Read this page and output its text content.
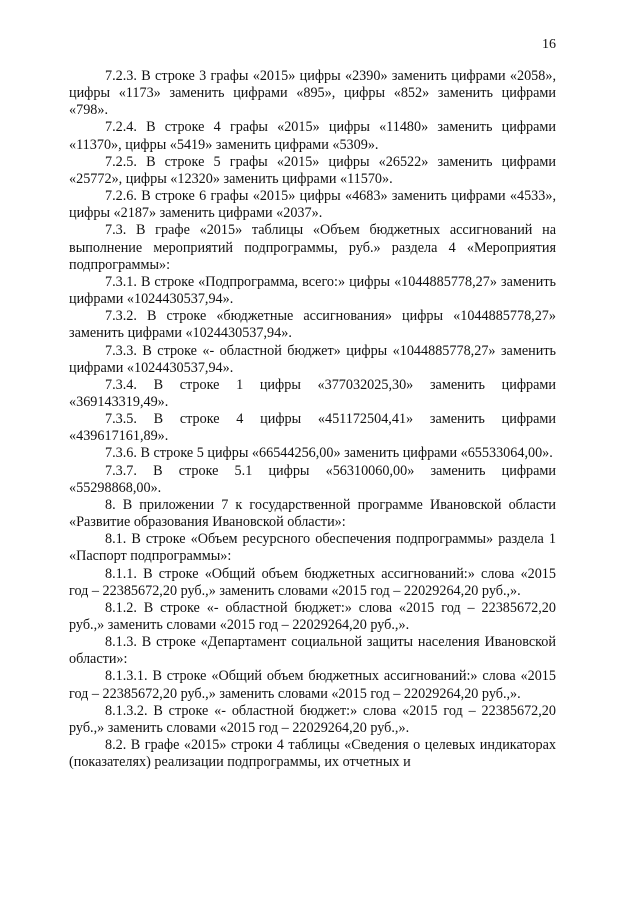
16

7.2.3. В строке 3 графы «2015» цифры «2390» заменить цифрами «2058», цифры «1173» заменить цифрами «895», цифры «852» заменить цифрами «798».

7.2.4. В строке 4 графы «2015» цифры «11480» заменить цифрами «11370», цифры «5419» заменить цифрами «5309».

7.2.5. В строке 5 графы «2015» цифры «26522» заменить цифрами «25772», цифры «12320» заменить цифрами «11570».

7.2.6. В строке 6 графы «2015» цифры «4683» заменить цифрами «4533», цифры «2187» заменить цифрами «2037».

7.3. В графе «2015» таблицы «Объем бюджетных ассигнований на выполнение мероприятий подпрограммы, руб.» раздела 4 «Мероприятия подпрограммы»:

7.3.1. В строке «Подпрограмма, всего:» цифры «1044885778,27» заменить цифрами «1024430537,94».

7.3.2. В строке «бюджетные ассигнования» цифры «1044885778,27» заменить цифрами «1024430537,94».

7.3.3. В строке «- областной бюджет» цифры «1044885778,27» заменить цифрами «1024430537,94».

7.3.4. В строке 1 цифры «377032025,30» заменить цифрами «369143319,49».

7.3.5. В строке 4 цифры «451172504,41» заменить цифрами «439617161,89».

7.3.6. В строке 5 цифры «66544256,00» заменить цифрами «65533064,00».

7.3.7. В строке 5.1 цифры «56310060,00» заменить цифрами «55298868,00».

8. В приложении 7 к государственной программе Ивановской области «Развитие образования Ивановской области»:

8.1. В строке «Объем ресурсного обеспечения подпрограммы» раздела 1 «Паспорт подпрограммы»:

8.1.1. В строке «Общий объем бюджетных ассигнований:» слова «2015 год – 22385672,20 руб.,» заменить словами «2015 год – 22029264,20 руб.,».

8.1.2. В строке «- областной бюджет:» слова «2015 год – 22385672,20 руб.,» заменить словами «2015 год – 22029264,20 руб.,».

8.1.3. В строке «Департамент социальной защиты населения Ивановской области»:

8.1.3.1. В строке «Общий объем бюджетных ассигнований:» слова «2015 год – 22385672,20 руб.,» заменить словами «2015 год – 22029264,20 руб.,».

8.1.3.2. В строке «- областной бюджет:» слова «2015 год – 22385672,20 руб.,» заменить словами «2015 год – 22029264,20 руб.,».

8.2. В графе «2015» строки 4 таблицы «Сведения о целевых индикаторах (показателях) реализации подпрограммы, их отчетных и
